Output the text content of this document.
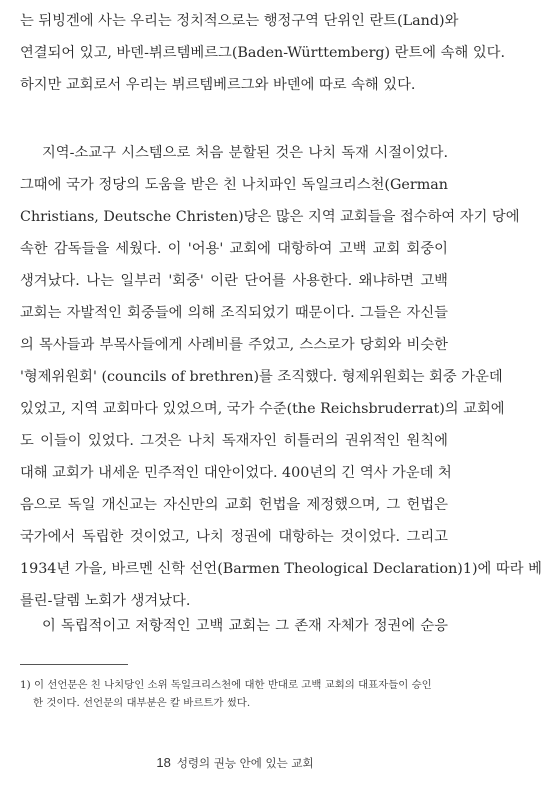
는 뒤빙겐에 사는 우리는 정치적으로는 행정구역 단위인 란트(Land)와
연결되어 있고, 바덴-뷔르템베르그(Baden-Württemberg) 란트에 속해 있다.
하지만 교회로서 우리는 뷔르템베르그와 바덴에 따로 속해 있다.
지역-소교구 시스템으로 처음 분할된 것은 나치 독재 시절이었다.
그때에 국가 정당의 도움을 받은 친 나치파인 독일크리스천(German
Christians, Deutsche Christen)당은 많은 지역 교회들을 접수하여 자기 당에
속한 감독들을 세웠다. 이 '어용' 교회에 대항하여 고백 교회 회중이
생겨났다. 나는 일부러 '회중' 이란 단어를 사용한다. 왜냐하면 고백
교회는 자발적인 회중들에 의해 조직되었기 때문이다. 그들은 자신들
의 목사들과 부목사들에게 사례비를 주었고, 스스로가 당회와 비슷한
'형제위원회' (councils of brethren)를 조직했다. 형제위원회는 회중 가운데
있었고, 지역 교회마다 있었으며, 국가 수준(the Reichsbruderrat)의 교회에
도 이들이 있었다. 그것은 나치 독재자인 히틀러의 권위적인 원칙에
대해 교회가 내세운 민주적인 대안이었다. 400년의 긴 역사 가운데 처
음으로 독일 개신교는 자신만의 교회 헌법을 제정했으며, 그 헌법은
국가에서 독립한 것이었고, 나치 정권에 대항하는 것이었다. 그리고
1934년 가을, 바르멘 신학 선언(Barmen Theological Declaration)1)에 따라 베
를린-달렘 노회가 생겨났다.
이 독립적이고 저항적인 고백 교회는 그 존재 자체가 정권에 순응
1) 이 선언문은 친 나치당인 소위 독일크리스천에 대한 반대로 고백 교회의 대표자들이 승인
한 것이다. 선언문의 대부분은 칼 바르트가 썼다.
18 성령의 권능 안에 있는 교회
